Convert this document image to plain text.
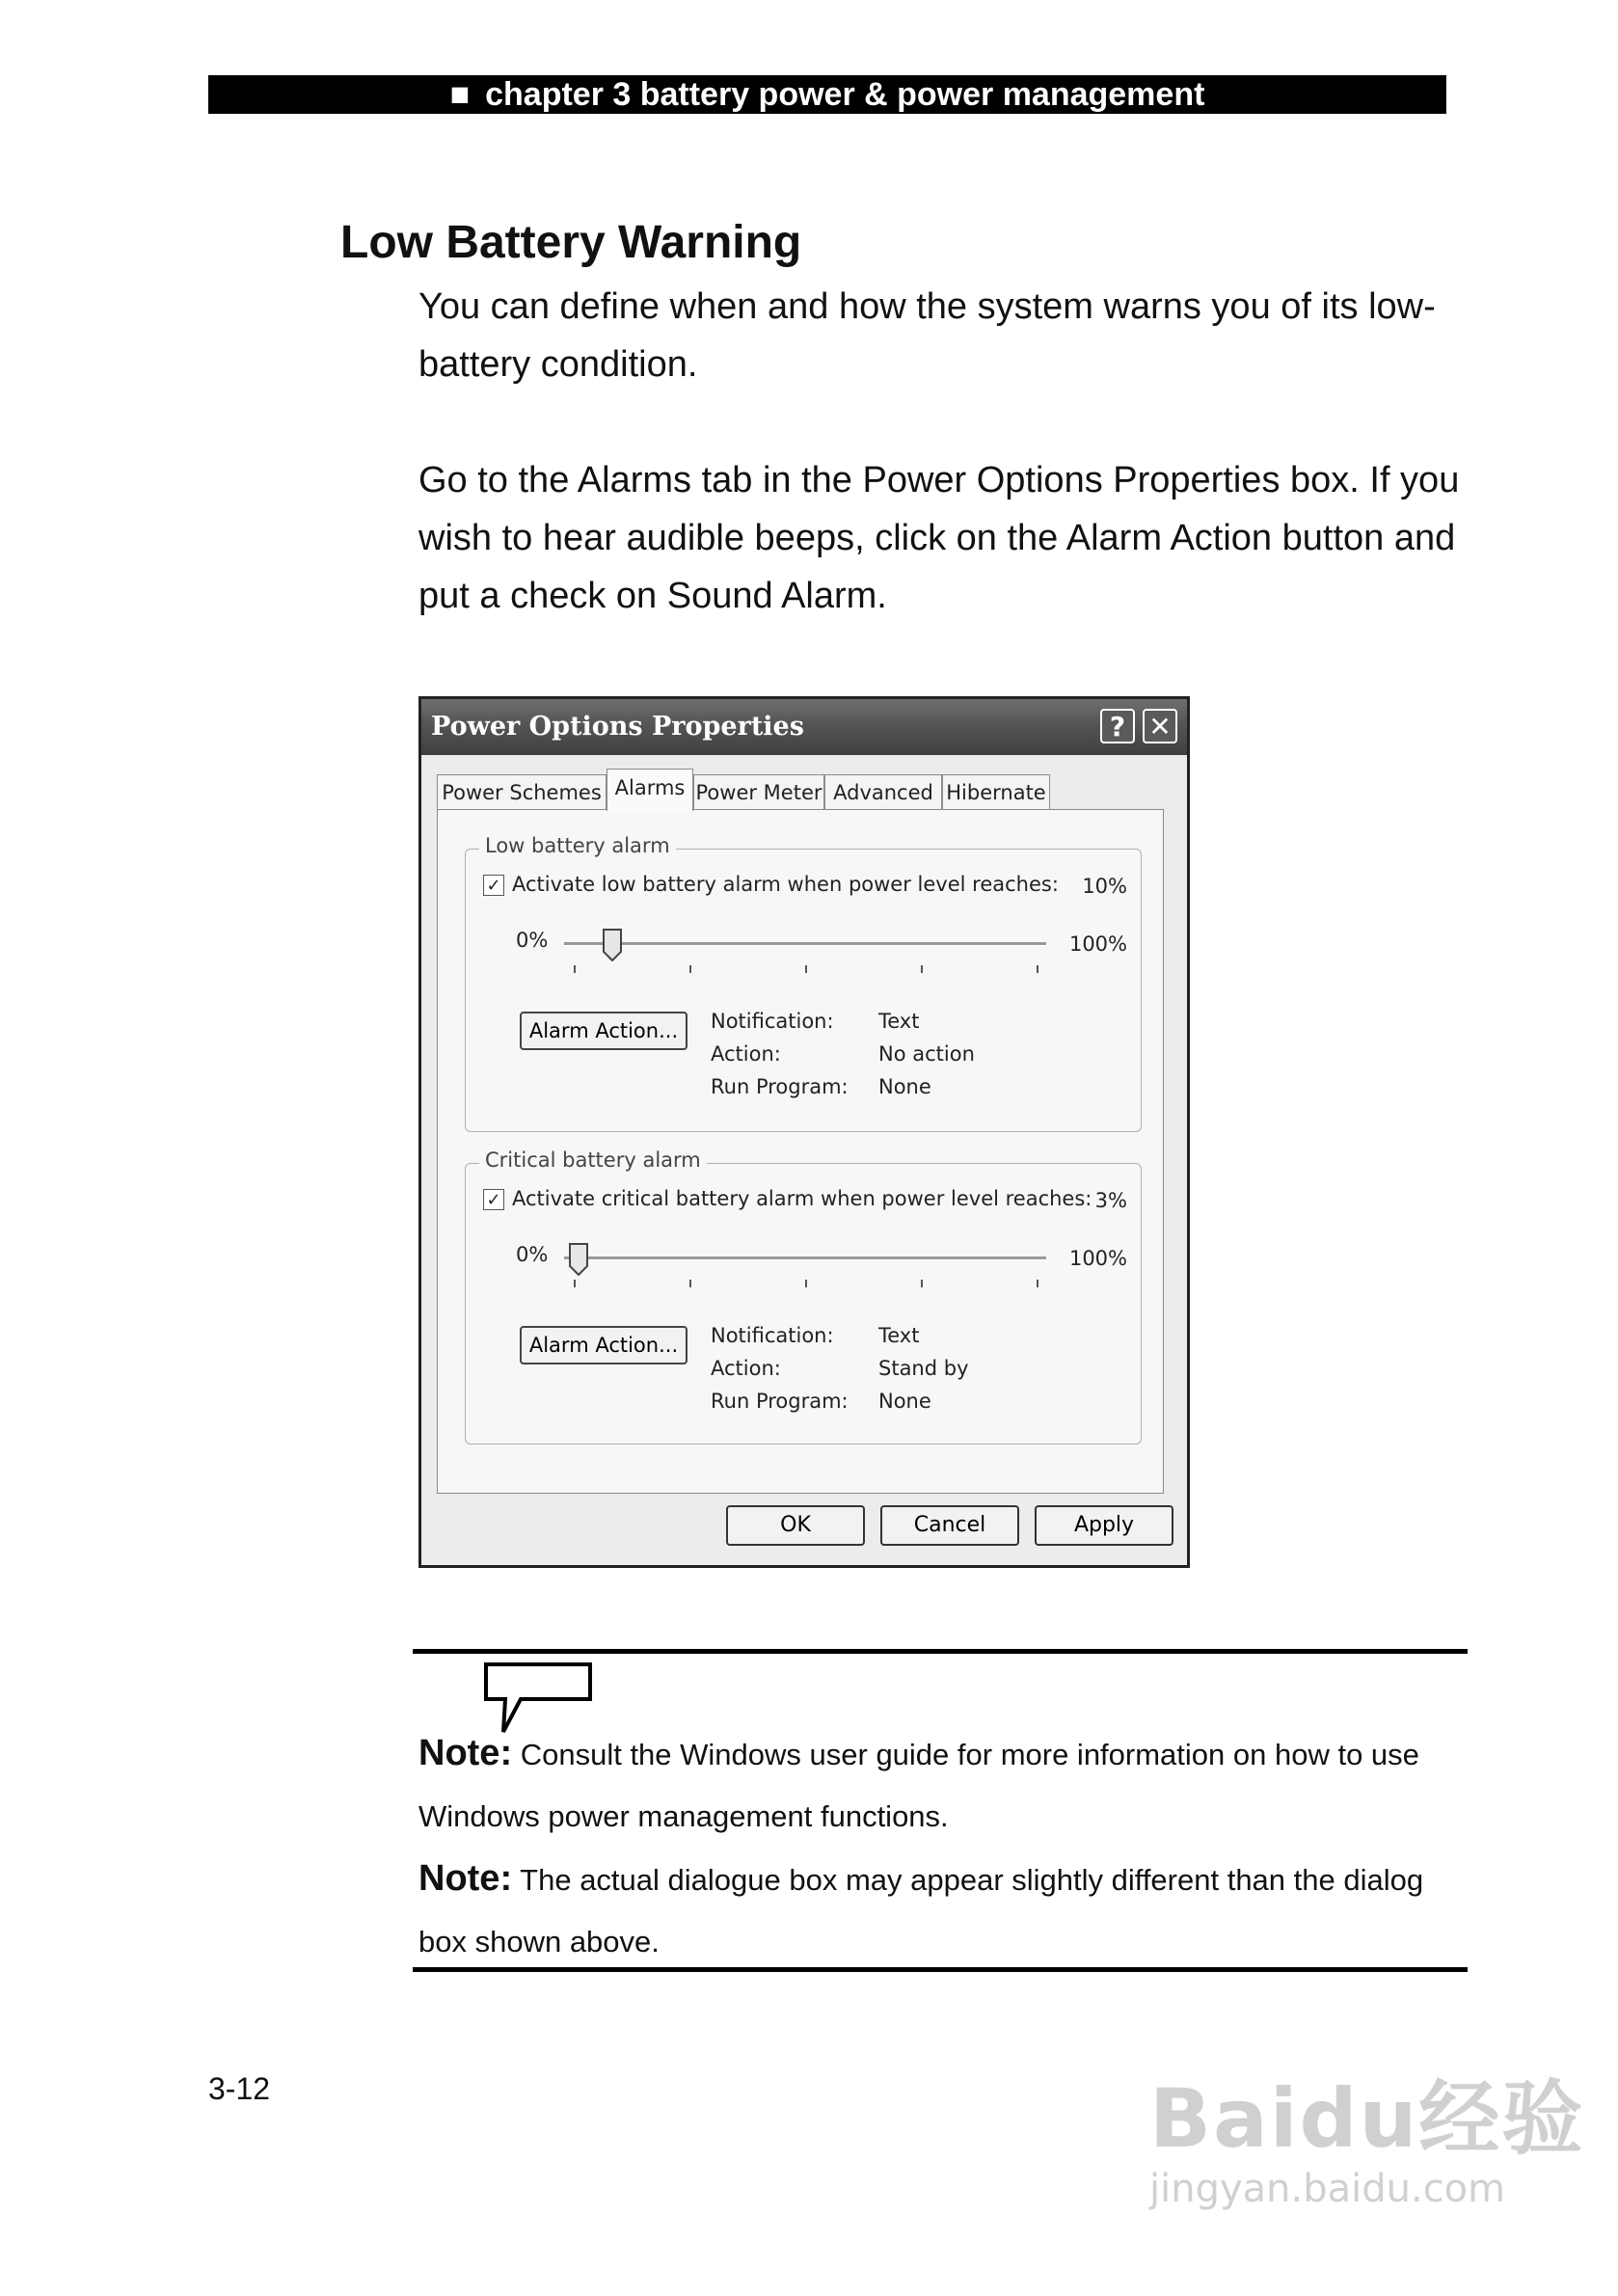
■ chapter 3 battery power & power management
Low Battery Warning

You can define when and how the system warns you of its low-battery condition.

Go to the Alarms tab in the Power Options Properties box. If you wish to hear audible beeps, click on the Alarm Action button and put a check on Sound Alarm.

Power Options Properties	? ✕
Power Schemes Alarms Power Meter Advanced Hibernate
Low battery alarm
✓ Activate low battery alarm when power level reaches: 10%
0%	100%
Alarm Action...	Notification: Text
Action:	No action
Run Program: None
Critical battery alarm
✓ Activate critical battery alarm when power level reaches: 3%
0%	100%
Alarm Action...	Notification: Text
Action:	Stand by
Run Program: None
OK	Cancel	Apply

Note: Consult the Windows user guide for more information on how to use Windows power management functions.

Note: The actual dialogue box may appear slightly different than the dialog box shown above.

3-12	Baidu经验
jingyan.baidu.com
